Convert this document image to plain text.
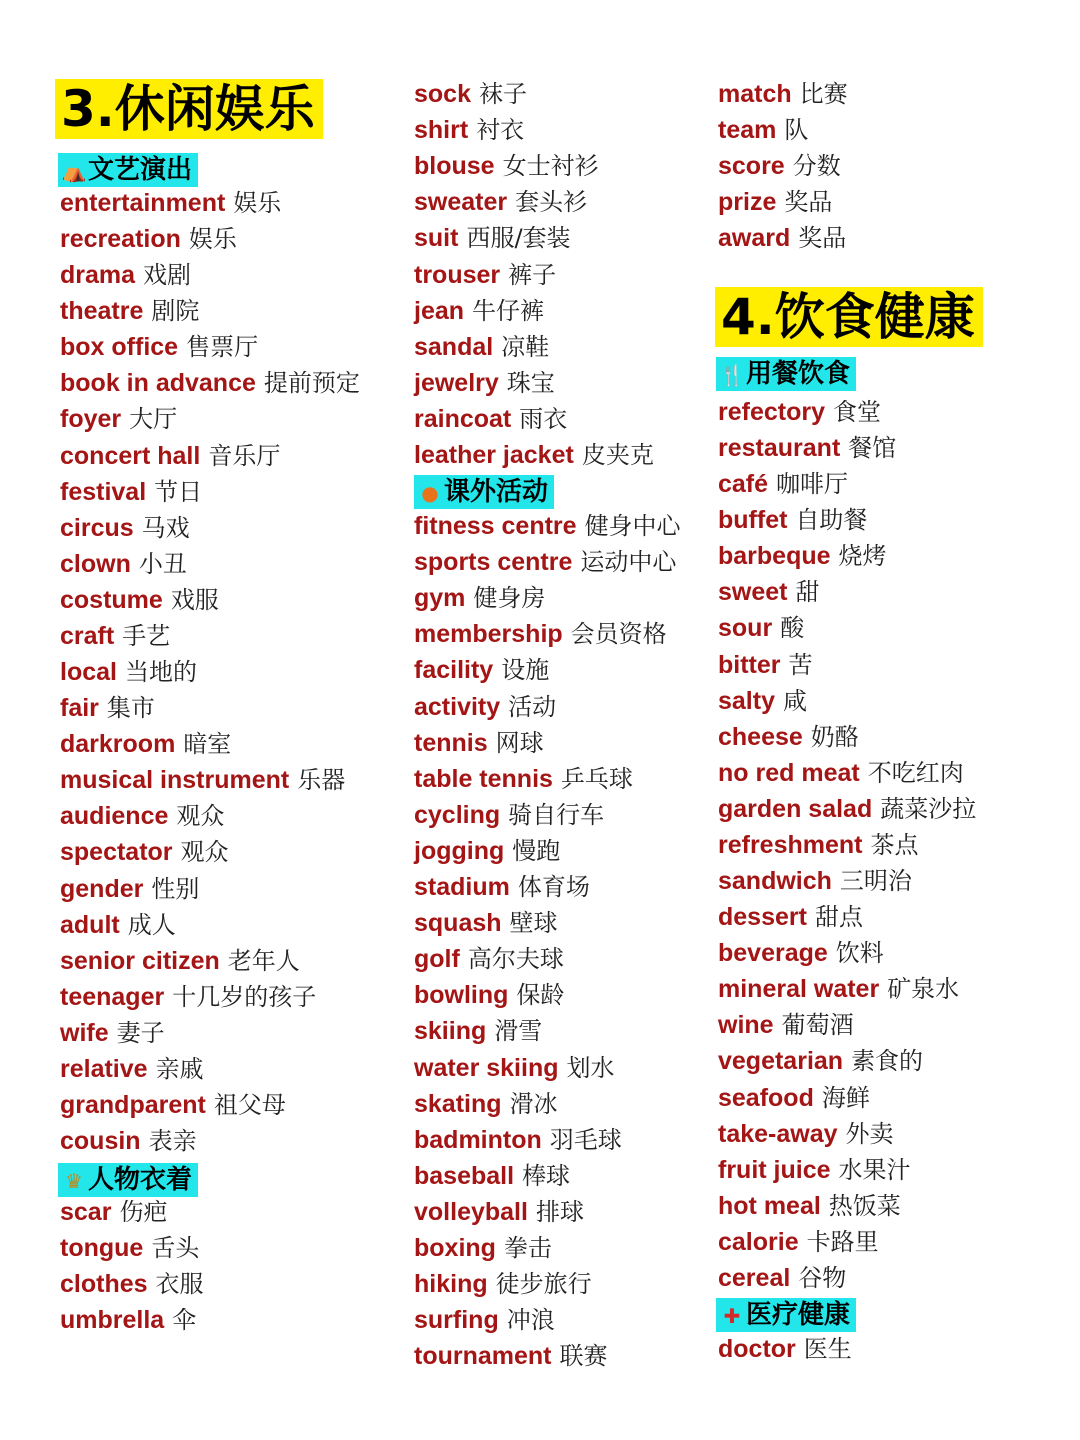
3.休闲娱乐
⛺文艺演出
entertainment 娱乐
recreation 娱乐
drama 戏剧
theatre 剧院
box office 售票厅
book in advance 提前预定
foyer 大厅
concert hall 音乐厅
festival 节日
circus 马戏
clown 小丑
costume 戏服
craft 手艺
local 当地的
fair 集市
darkroom 暗室
musical instrument 乐器
audience 观众
spectator 观众
gender 性别
adult 成人
senior citizen 老年人
teenager 十几岁的孩子
wife 妻子
relative 亲戚
grandparent 祖父母
cousin 表亲
♛ 人物衣着
scar 伤疤
tongue 舌头
clothes 衣服
umbrella 伞
sock 袜子
shirt 衬衣
blouse 女士衬衫
sweater 套头衫
suit 西服/套装
trouser 裤子
jean 牛仔裤
sandal 凉鞋
jewelry 珠宝
raincoat 雨衣
leather jacket 皮夹克
● 课外活动
fitness centre 健身中心
sports centre 运动中心
gym 健身房
membership 会员资格
facility 设施
activity 活动
tennis 网球
table tennis 乒乓球
cycling 骑自行车
jogging 慢跑
stadium 体育场
squash 壁球
golf 高尔夫球
bowling 保龄
skiing 滑雪
water skiing 划水
skating 滑冰
badminton 羽毛球
baseball 棒球
volleyball 排球
boxing 拳击
hiking 徒步旅行
surfing 冲浪
tournament 联赛
match 比赛
team 队
score 分数
prize 奖品
award 奖品
4.饮食健康
🍴用餐饮食
refectory 食堂
restaurant 餐馆
café 咖啡厅
buffet 自助餐
barbeque 烧烤
sweet 甜
sour 酸
bitter 苦
salty 咸
cheese 奶酪
no red meat 不吃红肉
garden salad 蔬菜沙拉
refreshment 茶点
sandwich 三明治
dessert 甜点
beverage 饮料
mineral water 矿泉水
wine 葡萄酒
vegetarian 素食的
seafood 海鲜
take-away 外卖
fruit juice 水果汁
hot meal 热饭菜
calorie 卡路里
cereal 谷物
✚ 医疗健康
doctor 医生
